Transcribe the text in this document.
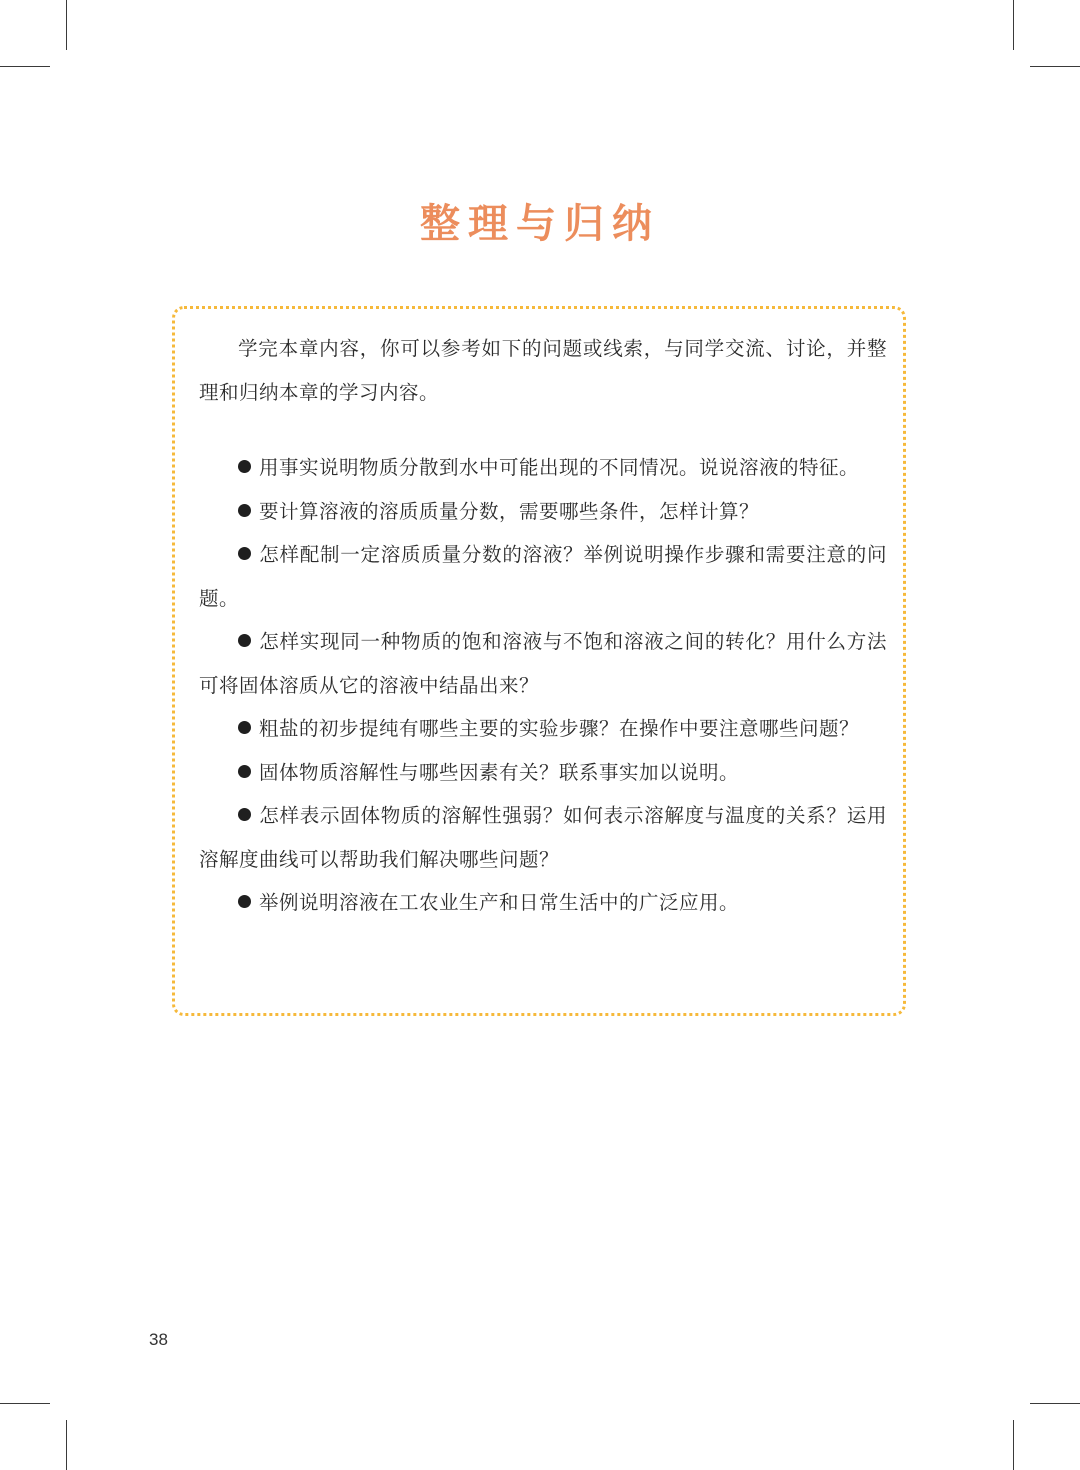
整理与归纳

学完本章内容，你可以参考如下的问题或线索，与同学交流、讨论，并整理和归纳本章的学习内容。

用事实说明物质分散到水中可能出现的不同情况。说说溶液的特征。

要计算溶液的溶质质量分数，需要哪些条件，怎样计算？

怎样配制一定溶质质量分数的溶液？举例说明操作步骤和需要注意的问题。

怎样实现同一种物质的饱和溶液与不饱和溶液之间的转化？用什么方法可将固体溶质从它的溶液中结晶出来？

粗盐的初步提纯有哪些主要的实验步骤？在操作中要注意哪些问题？

固体物质溶解性与哪些因素有关？联系事实加以说明。

怎样表示固体物质的溶解性强弱？如何表示溶解度与温度的关系？运用溶解度曲线可以帮助我们解决哪些问题？

举例说明溶液在工农业生产和日常生活中的广泛应用。

38
